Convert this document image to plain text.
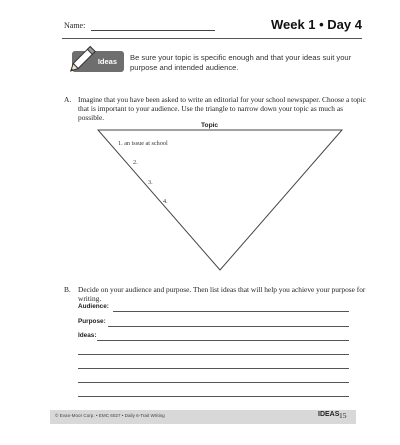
Name:	Week 1 • Day 4
Ideas Be sure your topic is specific enough and that your ideas suit your purpose and intended audience.
A. Imagine that you have been asked to write an editorial for your school newspaper. Choose a topic that is important to your audience. Use the triangle to narrow down your topic as much as possible.
Topic
1. an issue at school
2.
3.
4.
B. Decide on your audience and purpose. Then list ideas that will help you achieve your purpose for writing.
Audience:
Purpose:
Ideas:
© Evan-Moor Corp. • EMC 6027 • Daily 6-Trait Writing	IDEAS 15
